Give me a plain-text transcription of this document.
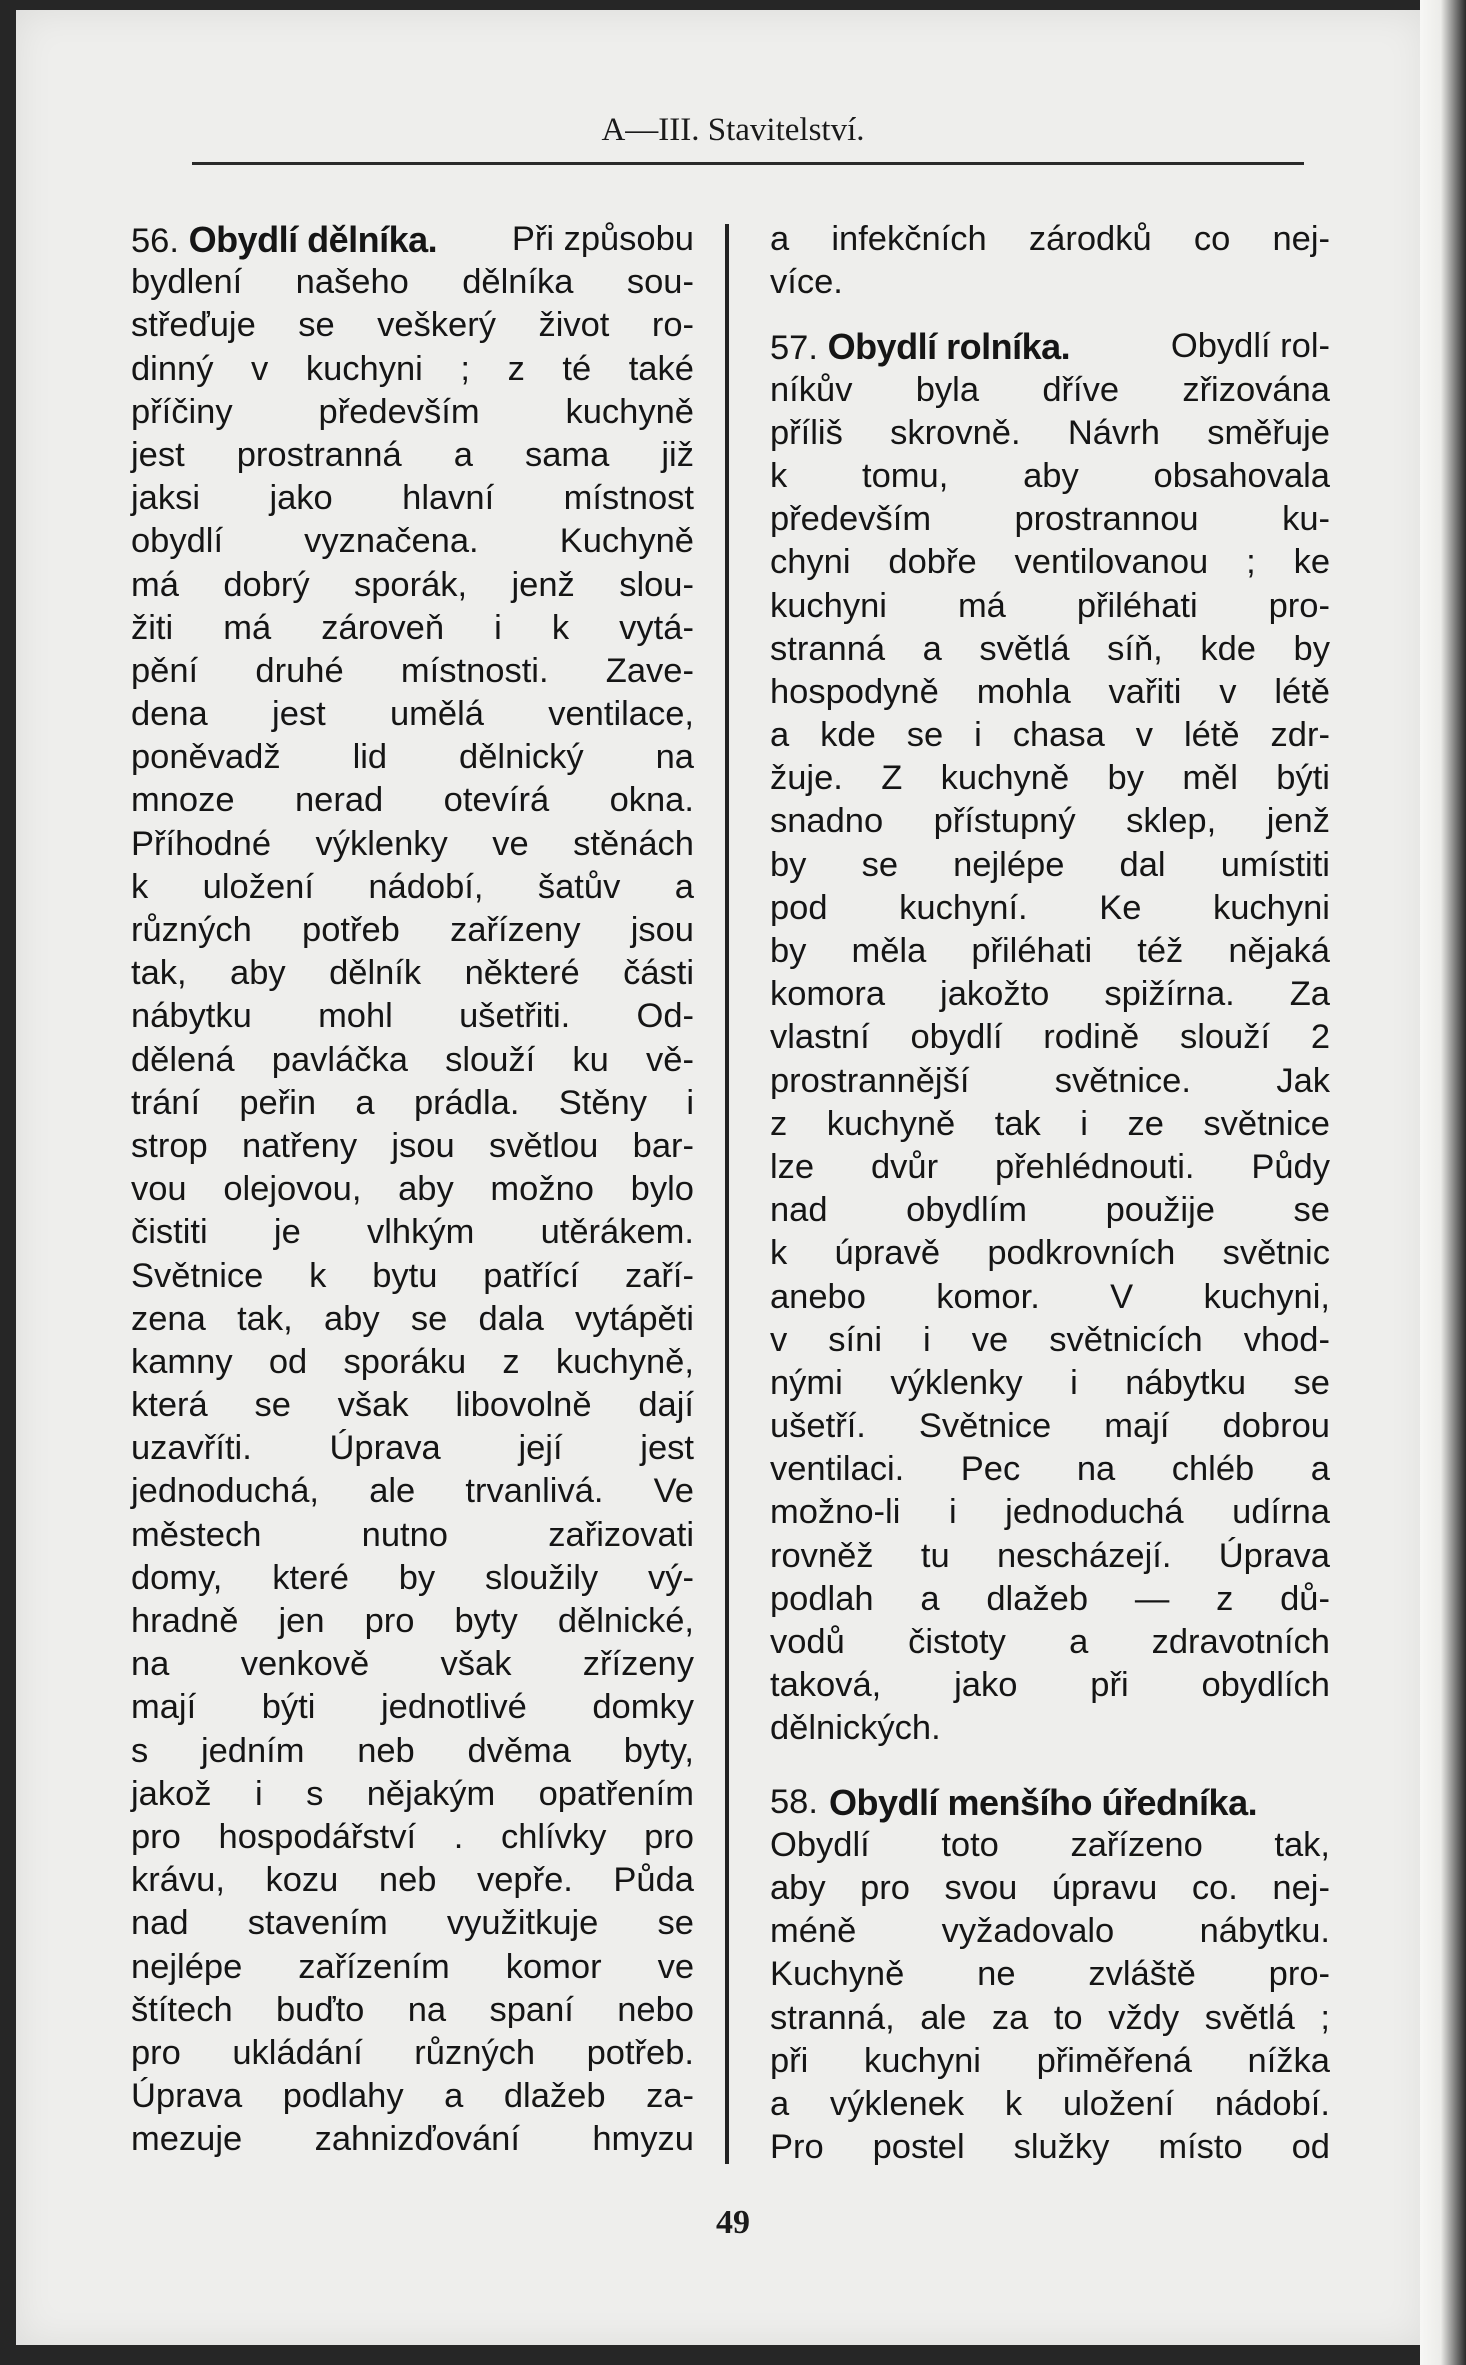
A—III. Stavitelství.
56. Obydlí dělníka. Při způsobu
bydlení našeho dělníka sou-
střeďuje se veškerý život ro-
dinný v kuchyni ; z té také
příčiny především kuchyně
jest prostranná a sama již
jaksi jako hlavní místnost
obydlí vyznačena. Kuchyně
má dobrý sporák, jenž slou-
žiti má zároveň i k vytá-
pění druhé místnosti. Zave-
dena jest umělá ventilace,
poněvadž lid dělnický na
mnoze nerad otevírá okna.
Příhodné výklenky ve stěnách
k uložení nádobí, šatův a
různých potřeb zařízeny jsou
tak, aby dělník některé části
nábytku mohl ušetřiti. Od-
dělená pavláčka slouží ku vě-
trání peřin a prádla. Stěny i
strop natřeny jsou světlou bar-
vou olejovou, aby možno bylo
čistiti je vlhkým utěrákem.
Světnice k bytu patřící zaří-
zena tak, aby se dala vytápěti
kamny od sporáku z kuchyně,
která se však libovolně dají
uzavříti. Úprava její jest
jednoduchá, ale trvanlivá. Ve
městech	nutno	zařizovati
domy, které by sloužily vý-
hradně jen pro byty dělnické,
na venkově však zřízeny
mají býti jednotlivé domky
s jedním neb dvěma byty,
jakož i s nějakým opatřením
pro hospodářství . chlívky pro
krávu, kozu neb vepře. Půda
nad stavením využitkuje se
nejlépe zařízením komor ve
štítech buďto na spaní nebo
pro ukládání různých potřeb.
Úprava podlahy a dlažeb za-
mezuje zahnizďování hmyzu
a infekčních zárodků co nej-
více.
57. Obydlí rolníka.	Obydlí rol-
níkův byla dříve zřizována
příliš skrovně. Návrh směřuje
k tomu, aby obsahovala
především prostrannou ku-
chyni dobře ventilovanou ; ke
kuchyni má přiléhati pro-
stranná a světlá síň, kde by
hospodyně mohla vařiti v létě
a kde se i chasa v létě zdr-
žuje. Z kuchyně by měl býti
snadno přístupný sklep, jenž
by se nejlépe dal umístiti
pod kuchyní. Ke kuchyni
by měla přiléhati též nějaká
komora jakožto spižírna. Za
vlastní obydlí rodině slouží 2
prostrannější světnice. Jak
z kuchyně tak i ze světnice
lze dvůr přehlédnouti. Půdy
nad obydlím použije se
k úpravě podkrovních světnic
anebo komor. V kuchyni,
v síni i ve světnicích vhod-
nými výklenky i nábytku se
ušetří. Světnice mají dobrou
ventilaci. Pec na chléb a
možno-li i jednoduchá udírna
rovněž tu nescházejí. Úprava
podlah a dlažeb — z dů-
vodů čistoty a zdravotních
taková, jako při obydlích
dělnických.
58. Obydlí menšího úředníka.
Obydlí toto zařízeno tak,
aby pro svou úpravu co. nej-
méně vyžadovalo nábytku.
Kuchyně ne zvláště pro-
stranná, ale za to vždy světlá ;
při kuchyni přiměřená nížka
a výklenek k uložení nádobí.
Pro postel služky místo od
49
